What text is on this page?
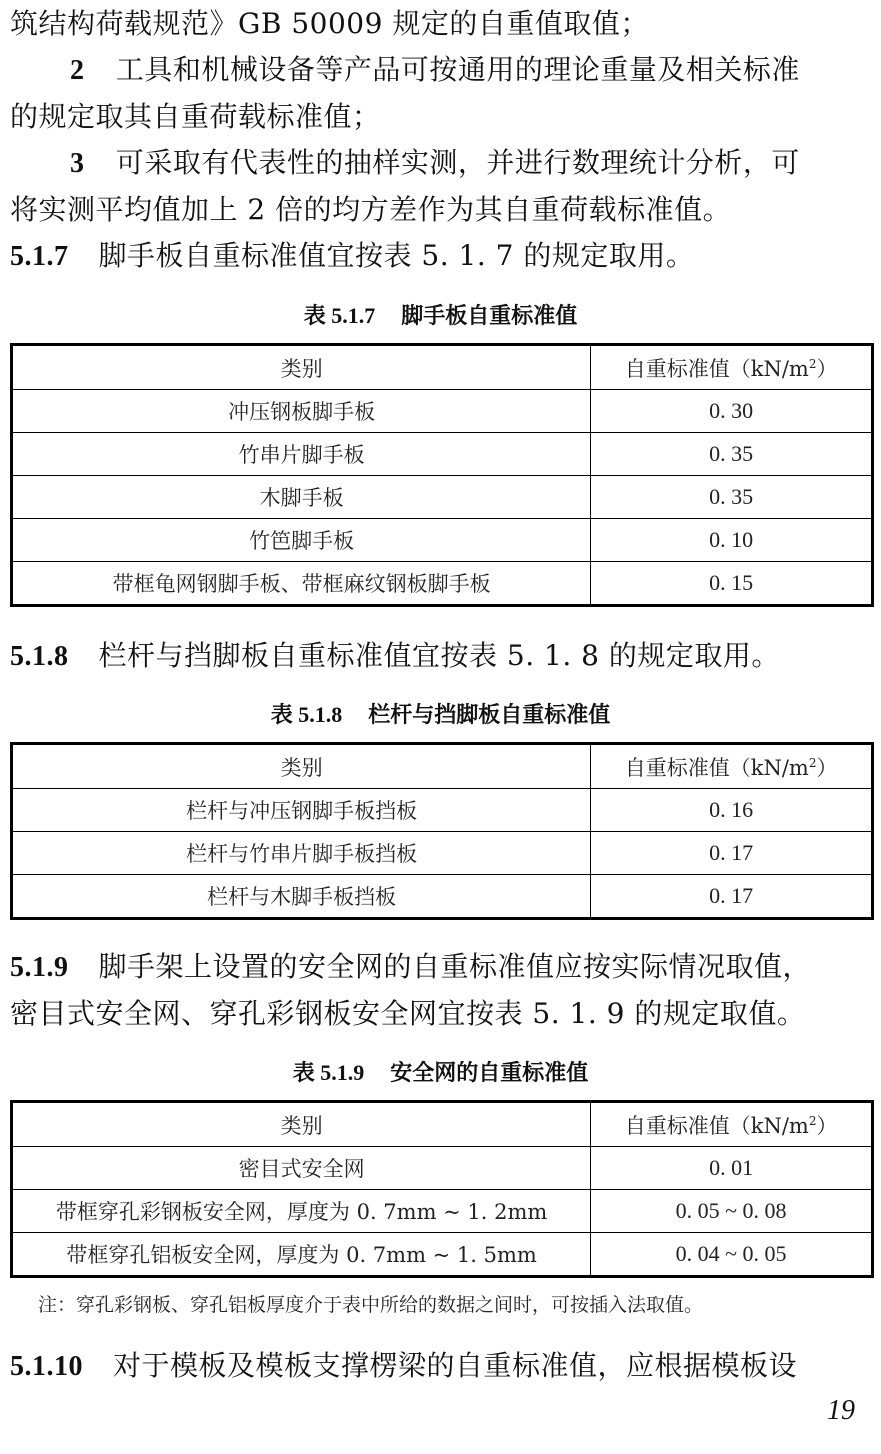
筑结构荷载规范》GB 50009 规定的自重值取值；
2 工具和机械设备等产品可按通用的理论重量及相关标准
的规定取其自重荷载标准值；
3 可采取有代表性的抽样实测，并进行数理统计分析，可
将实测平均值加上 2 倍的均方差作为其自重荷载标准值。
5.1.7 脚手板自重标准值宜按表 5. 1. 7 的规定取用。
表 5.1.7 脚手板自重标准值
类别	自重标准值$(kN/m^2)$
冲压钢板脚手板	0. 30
竹串片脚手板	0. 35
木脚手板	0. 35
竹笆脚手板	0. 10
带框龟网钢脚手板、带框麻纹钢板脚手板	0. 15
5.1.8 栏杆与挡脚板自重标准值宜按表 5. 1. 8 的规定取用。
表 5.1.8 栏杆与挡脚板自重标准值
类别	自重标准值$(kN/m^2)$
栏杆与冲压钢脚手板挡板	0. 16
栏杆与竹串片脚手板挡板	0. 17
栏杆与木脚手板挡板	0. 17
5.1.9 脚手架上设置的安全网的自重标准值应按实际情况取值，
密目式安全网、穿孔彩钢板安全网宜按表 5. 1. 9 的规定取值。
表 5.1.9 安全网的自重标准值
类别	自重标准值$(kN/m^2)$
密目式安全网	0. 01
带框穿孔彩钢板安全网，厚度为 0. 7mm ~ 1. 2mm	0. 05 ~ 0. 08
带框穿孔铝板安全网，厚度为 0. 7mm ~ 1. 5mm	0. 04 ~ 0. 05
注：穿孔彩钢板、穿孔铝板厚度介于表中所给的数据之间时，可按插入法取值。
5.1.10 对于模板及模板支撑楞梁的自重标准值，应根据模板设
19
